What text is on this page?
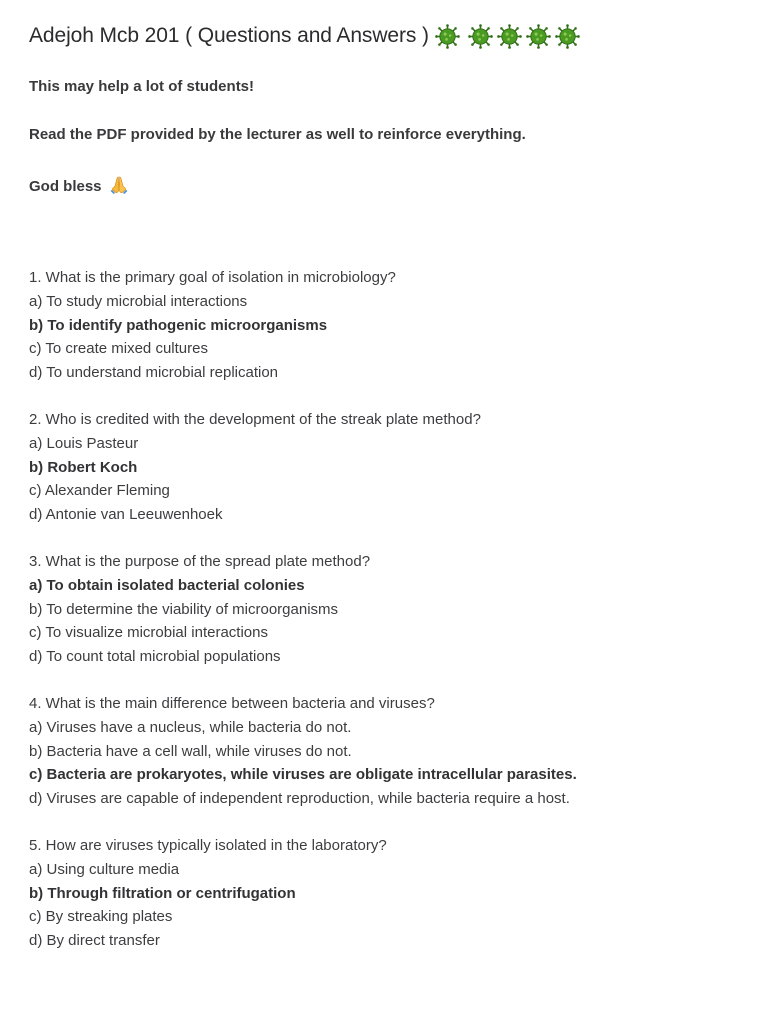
Adejoh Mcb 201 ( Questions and Answers )
This may help a lot of students!
Read the PDF provided by the lecturer as well to reinforce everything.
God bless
1. What is the primary goal of isolation in microbiology?
a) To study microbial interactions
b) To identify pathogenic microorganisms
c) To create mixed cultures
d) To understand microbial replication
2. Who is credited with the development of the streak plate method?
a) Louis Pasteur
b) Robert Koch
c) Alexander Fleming
d) Antonie van Leeuwenhoek
3. What is the purpose of the spread plate method?
a) To obtain isolated bacterial colonies
b) To determine the viability of microorganisms
c) To visualize microbial interactions
d) To count total microbial populations
4. What is the main difference between bacteria and viruses?
a) Viruses have a nucleus, while bacteria do not.
b) Bacteria have a cell wall, while viruses do not.
c) Bacteria are prokaryotes, while viruses are obligate intracellular parasites.
d) Viruses are capable of independent reproduction, while bacteria require a host.
5. How are viruses typically isolated in the laboratory?
a) Using culture media
b) Through filtration or centrifugation
c) By streaking plates
d) By direct transfer
